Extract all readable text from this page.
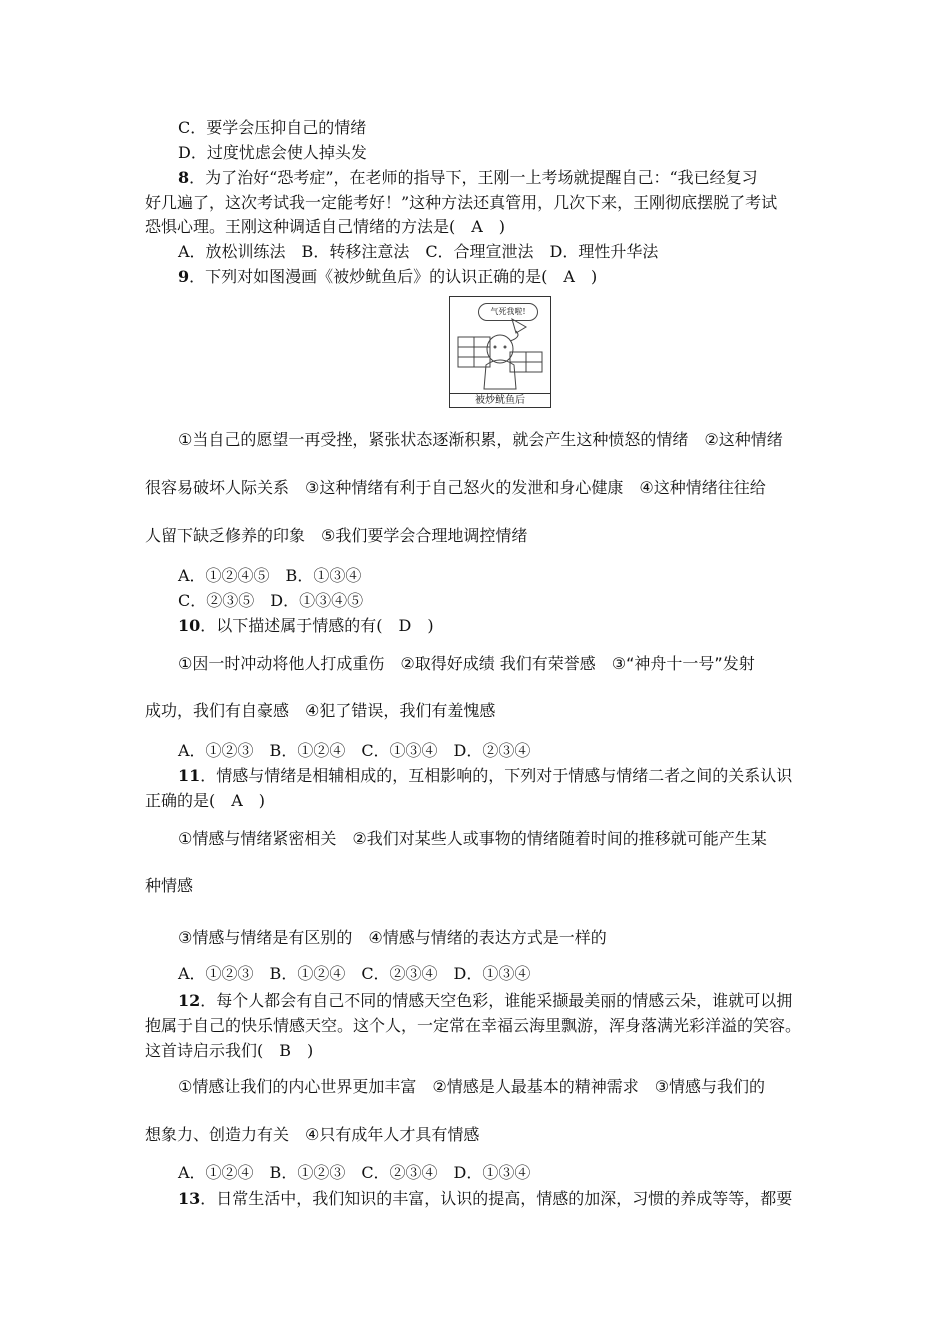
C．要学会压抑自己的情绪
D．过度忧虑会使人掉头发
8．为了治好“恐考症”，在老师的指导下，王刚一上考场就提醒自己：“我已经复习
好几遍了，这次考试我一定能考好！”这种方法还真管用，几次下来，王刚彻底摆脱了考试
恐惧心理。王刚这种调适自己情绪的方法是(　A　)
A．放松训练法　B．转移注意法　C．合理宣泄法　D．理性升华法
9．下列对如图漫画《被炒鱿鱼后》的认识正确的是(　A　)
气死我啦!
被炒鱿鱼后
①当自己的愿望一再受挫，紧张状态逐渐积累，就会产生这种愤怒的情绪　②这种情绪
很容易破坏人际关系　③这种情绪有利于自己怒火的发泄和身心健康　④这种情绪往往给
人留下缺乏修养的印象　⑤我们要学会合理地调控情绪
A．①②④⑤　B．①③④
C．②③⑤　D．①③④⑤
10．以下描述属于情感的有(　D　)
①因一时冲动将他人打成重伤　②取得好成绩 我们有荣誉感　③“神舟十一号”发射
成功，我们有自豪感　④犯了错误，我们有羞愧感
A．①②③　B．①②④　C．①③④　D．②③④
11．情感与情绪是相辅相成的，互相影响的，下列对于情感与情绪二者之间的关系认识
正确的是(　A　)
①情感与情绪紧密相关　②我们对某些人或事物的情绪随着时间的推移就可能产生某
种情感
③情感与情绪是有区别的　④情感与情绪的表达方式是一样的
A．①②③　B．①②④　C．②③④　D．①③④
12．每个人都会有自己不同的情感天空色彩，谁能采撷最美丽的情感云朵，谁就可以拥
抱属于自己的快乐情感天空。这个人，一定常在幸福云海里飘游，浑身落满光彩洋溢的笑容。
这首诗启示我们(　B　)
①情感让我们的内心世界更加丰富　②情感是人最基本的精神需求　③情感与我们的
想象力、创造力有关　④只有成年人才具有情感
A．①②④　B．①②③　C．②③④　D．①③④
13．日常生活中，我们知识的丰富，认识的提高，情感的加深，习惯的养成等等，都要
